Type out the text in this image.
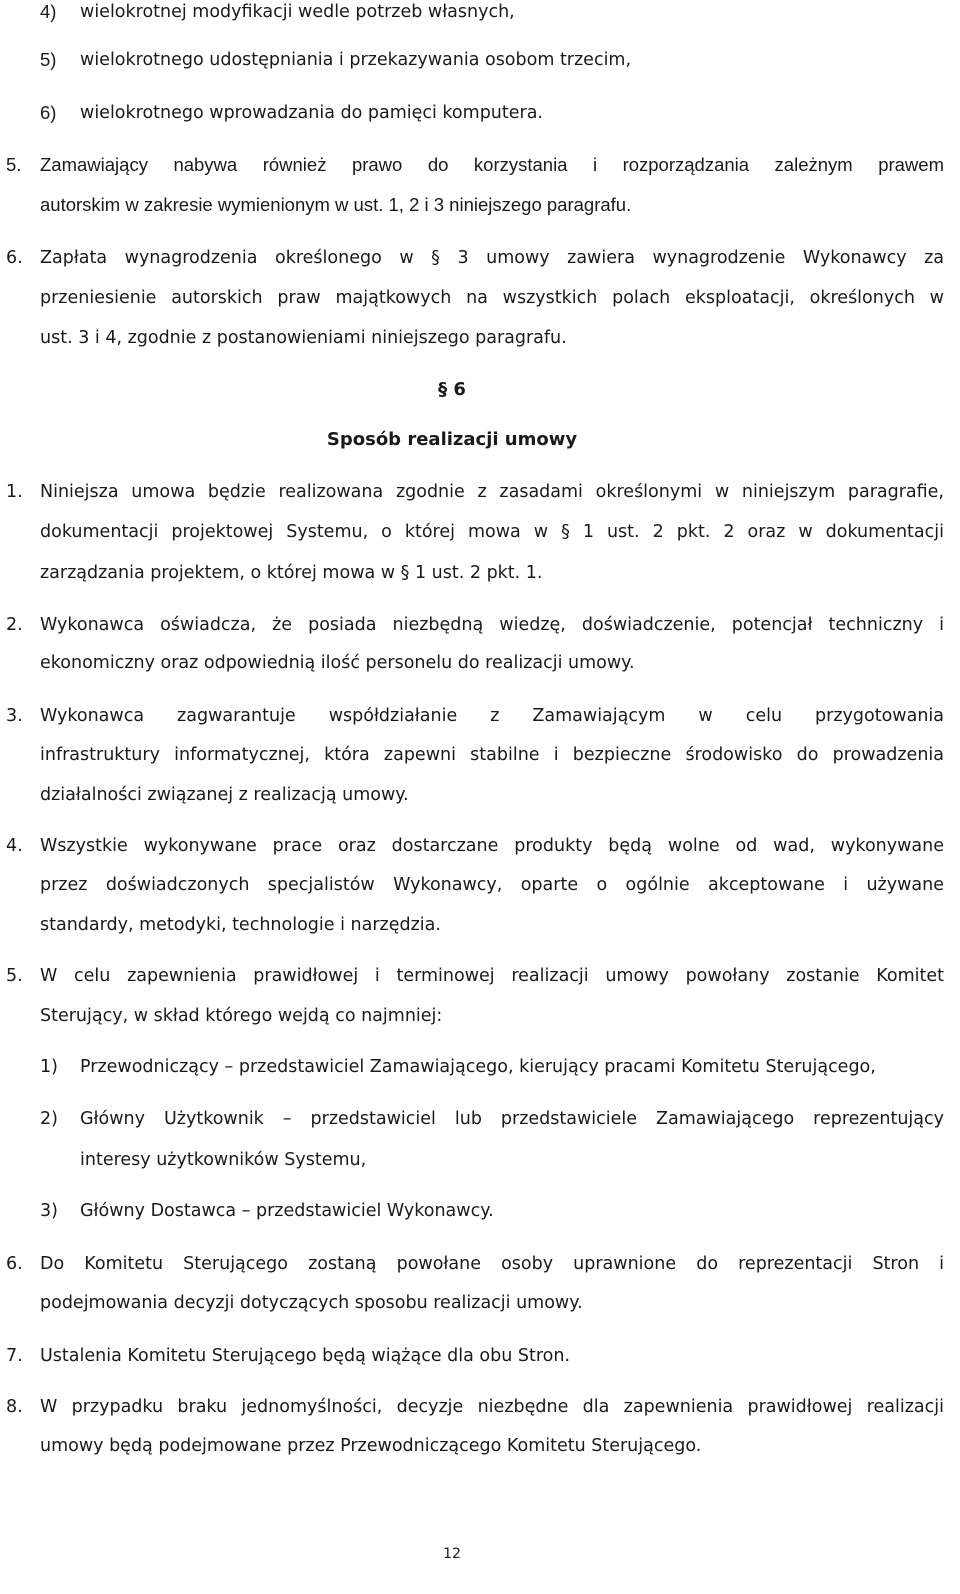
4)	wielokrotnej modyfikacji wedle potrzeb własnych,
5)	wielokrotnego udostępniania i przekazywania osobom trzecim,
6)	wielokrotnego wprowadzania do pamięci komputera.
5.	Zamawiający nabywa również prawo do korzystania i rozporządzania zależnym prawem
autorskim w zakresie wymienionym w ust. 1, 2 i 3 niniejszego paragrafu.
6. Zapłata wynagrodzenia określonego w § 3 umowy zawiera wynagrodzenie Wykonawcy za
przeniesienie autorskich praw majątkowych na wszystkich polach eksploatacji, określonych w
ust. 3 i 4, zgodnie z postanowieniami niniejszego paragrafu.
§ 6
Sposób realizacji umowy
1. Niniejsza umowa będzie realizowana zgodnie z zasadami określonymi w niniejszym paragrafie,
dokumentacji projektowej Systemu, o której mowa w § 1 ust. 2 pkt. 2 oraz w dokumentacji
zarządzania projektem, o której mowa w § 1 ust. 2 pkt. 1.
2. Wykonawca oświadcza, że posiada niezbędną wiedzę, doświadczenie, potencjał techniczny i
ekonomiczny oraz odpowiednią ilość personelu do realizacji umowy.
3. Wykonawca zagwarantuje współdziałanie z Zamawiającym w celu przygotowania
infrastruktury informatycznej, która zapewni stabilne i bezpieczne środowisko do prowadzenia
działalności związanej z realizacją umowy.
4. Wszystkie wykonywane prace oraz dostarczane produkty będą wolne od wad, wykonywane
przez doświadczonych specjalistów Wykonawcy, oparte o ogólnie akceptowane i używane
standardy, metodyki, technologie i narzędzia.
5. W celu zapewnienia prawidłowej i terminowej realizacji umowy powołany zostanie Komitet
Sterujący, w skład którego wejdą co najmniej:
1)	Przewodniczący – przedstawiciel Zamawiającego, kierujący pracami Komitetu Sterującego,
2)	Główny Użytkownik – przedstawiciel lub przedstawiciele Zamawiającego reprezentujący
interesy użytkowników Systemu,
3)	Główny Dostawca – przedstawiciel Wykonawcy.
6. Do Komitetu Sterującego zostaną powołane osoby uprawnione do reprezentacji Stron i
podejmowania decyzji dotyczących sposobu realizacji umowy.
7. Ustalenia Komitetu Sterującego będą wiążące dla obu Stron.
8. W przypadku braku jednomyślności, decyzje niezbędne dla zapewnienia prawidłowej realizacji
umowy będą podejmowane przez Przewodniczącego Komitetu Sterującego.
12
